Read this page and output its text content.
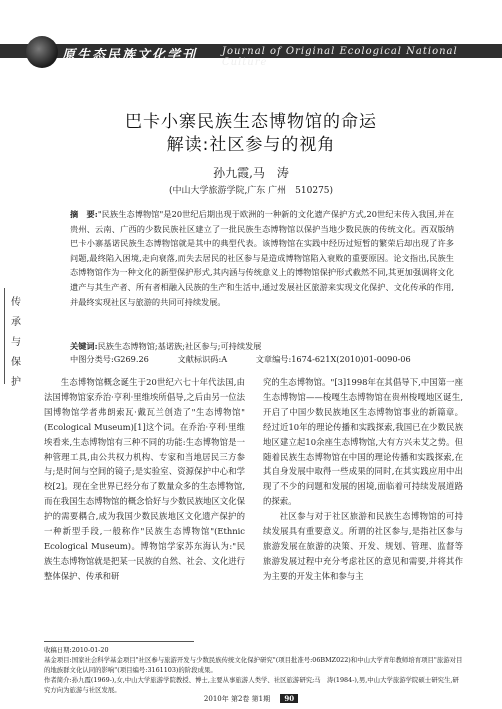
原生态民族文化学刊 Journal of Original Ecological National Culture
巴卡小寨民族生态博物馆的命运
解读:社区参与的视角
孙九霞,马　涛
(中山大学旅游学院,广东 广州　510275)
摘　要:"民族生态博物馆"是20世纪后期出现于欧洲的一种新的文化遗产保护方式,20世纪末传入我国,并在贵州、云南、广西的少数民族社区建立了一批民族生态博物馆以保护当地少数民族的传统文化。西双版纳巴卡小寨基诺民族生态博物馆就是其中的典型代表。该博物馆在实践中经历过短暂的繁荣后却出现了许多问题,最终陷入困境,走向衰落,而失去居民的社区参与是造成博物馆陷入衰败的重要原因。论文指出,民族生态博物馆作为一种文化的新型保护形式,其内涵与传统意义上的博物馆保护形式截然不同,其更加强调将文化遗产与其生产者、所有者相融入民族的生产和生活中,通过发展社区旅游来实现文化保护、文化传承的作用,并最终实现社区与旅游的共同可持续发展。
关键词:民族生态博物馆;基诺族;社区参与;可持续发展
中图分类号:G269.26	文献标识码:A	文章编号:1674-621X(2010)01-0090-06
传
承
与
保
护	生态博物馆概念诞生于20世纪六七十年代法国,由法国博物馆家乔治·亨利·里维埃所倡导,之后由另一位法国博物馆学者弗朗索瓦·戴瓦兰创造了"生态博物馆"(Ecological Museum)[1]这个词。在乔治·亨利·里维埃看来,生态博物馆有三种不同的功能:生态博物馆是一种管理工具,由公共权力机构、专家和当地居民三方参与;是时间与空间的镜子;是实验室、资源保护中心和学校[2]。现在全世界已经分布了数量众多的生态博物馆,而在我国生态博物馆的概念恰好与少数民族地区文化保护的需要耦合,成为我国少数民族地区文化遗产保护的一种新型手段,一般称作"民族生态博物馆"(Ethnic Ecological Museum)。博物馆学家苏东海认为:"民族生态博物馆就是把某一民族的自然、社会、文化进行整体保护、传承和研

究的生态博物馆。"[3]1998年在其倡导下,中国第一座生态博物馆——梭嘎生态博物馆在贵州梭嘎地区诞生,开启了中国少数民族地区生态博物馆事业的新篇章。经过近10年的理论传播和实践探索,我国已在少数民族地区建立起10余座生态博物馆,大有方兴未艾之势。但随着民族生态博物馆在中国的理论传播和实践探索,在其自身发展中取得一些成果的同时,在其实践应用中出现了不少的问题和发展的困境,面临着可持续发展道路的探索。

社区参与对于社区旅游和民族生态博物馆的可持续发展具有重要意义。所谓的社区参与,是指社区参与旅游发展在旅游的决策、开发、规划、管理、监督等旅游发展过程中充分考虑社区的意见和需要,并将其作为主要的开发主体和参与主

收稿日期:2010-01-20

基金项目:国家社会科学基金项目"社区参与旅游开发与少数民族传统文化保护研究"(项目批准号:06BMZ022)和中山大学青年教师培育项目"旅游对目的地族群文化认同的影响"(项目编号:3161103)的阶段成果。

作者简介:孙九霞(1969-),女,中山大学旅游学院教授、博士,主要从事旅游人类学、社区旅游研究;马　涛(1984-),男,中山大学旅游学院硕士研究生,研究方向为旅游与社区发展。

2010年 第2卷 第1期 90
